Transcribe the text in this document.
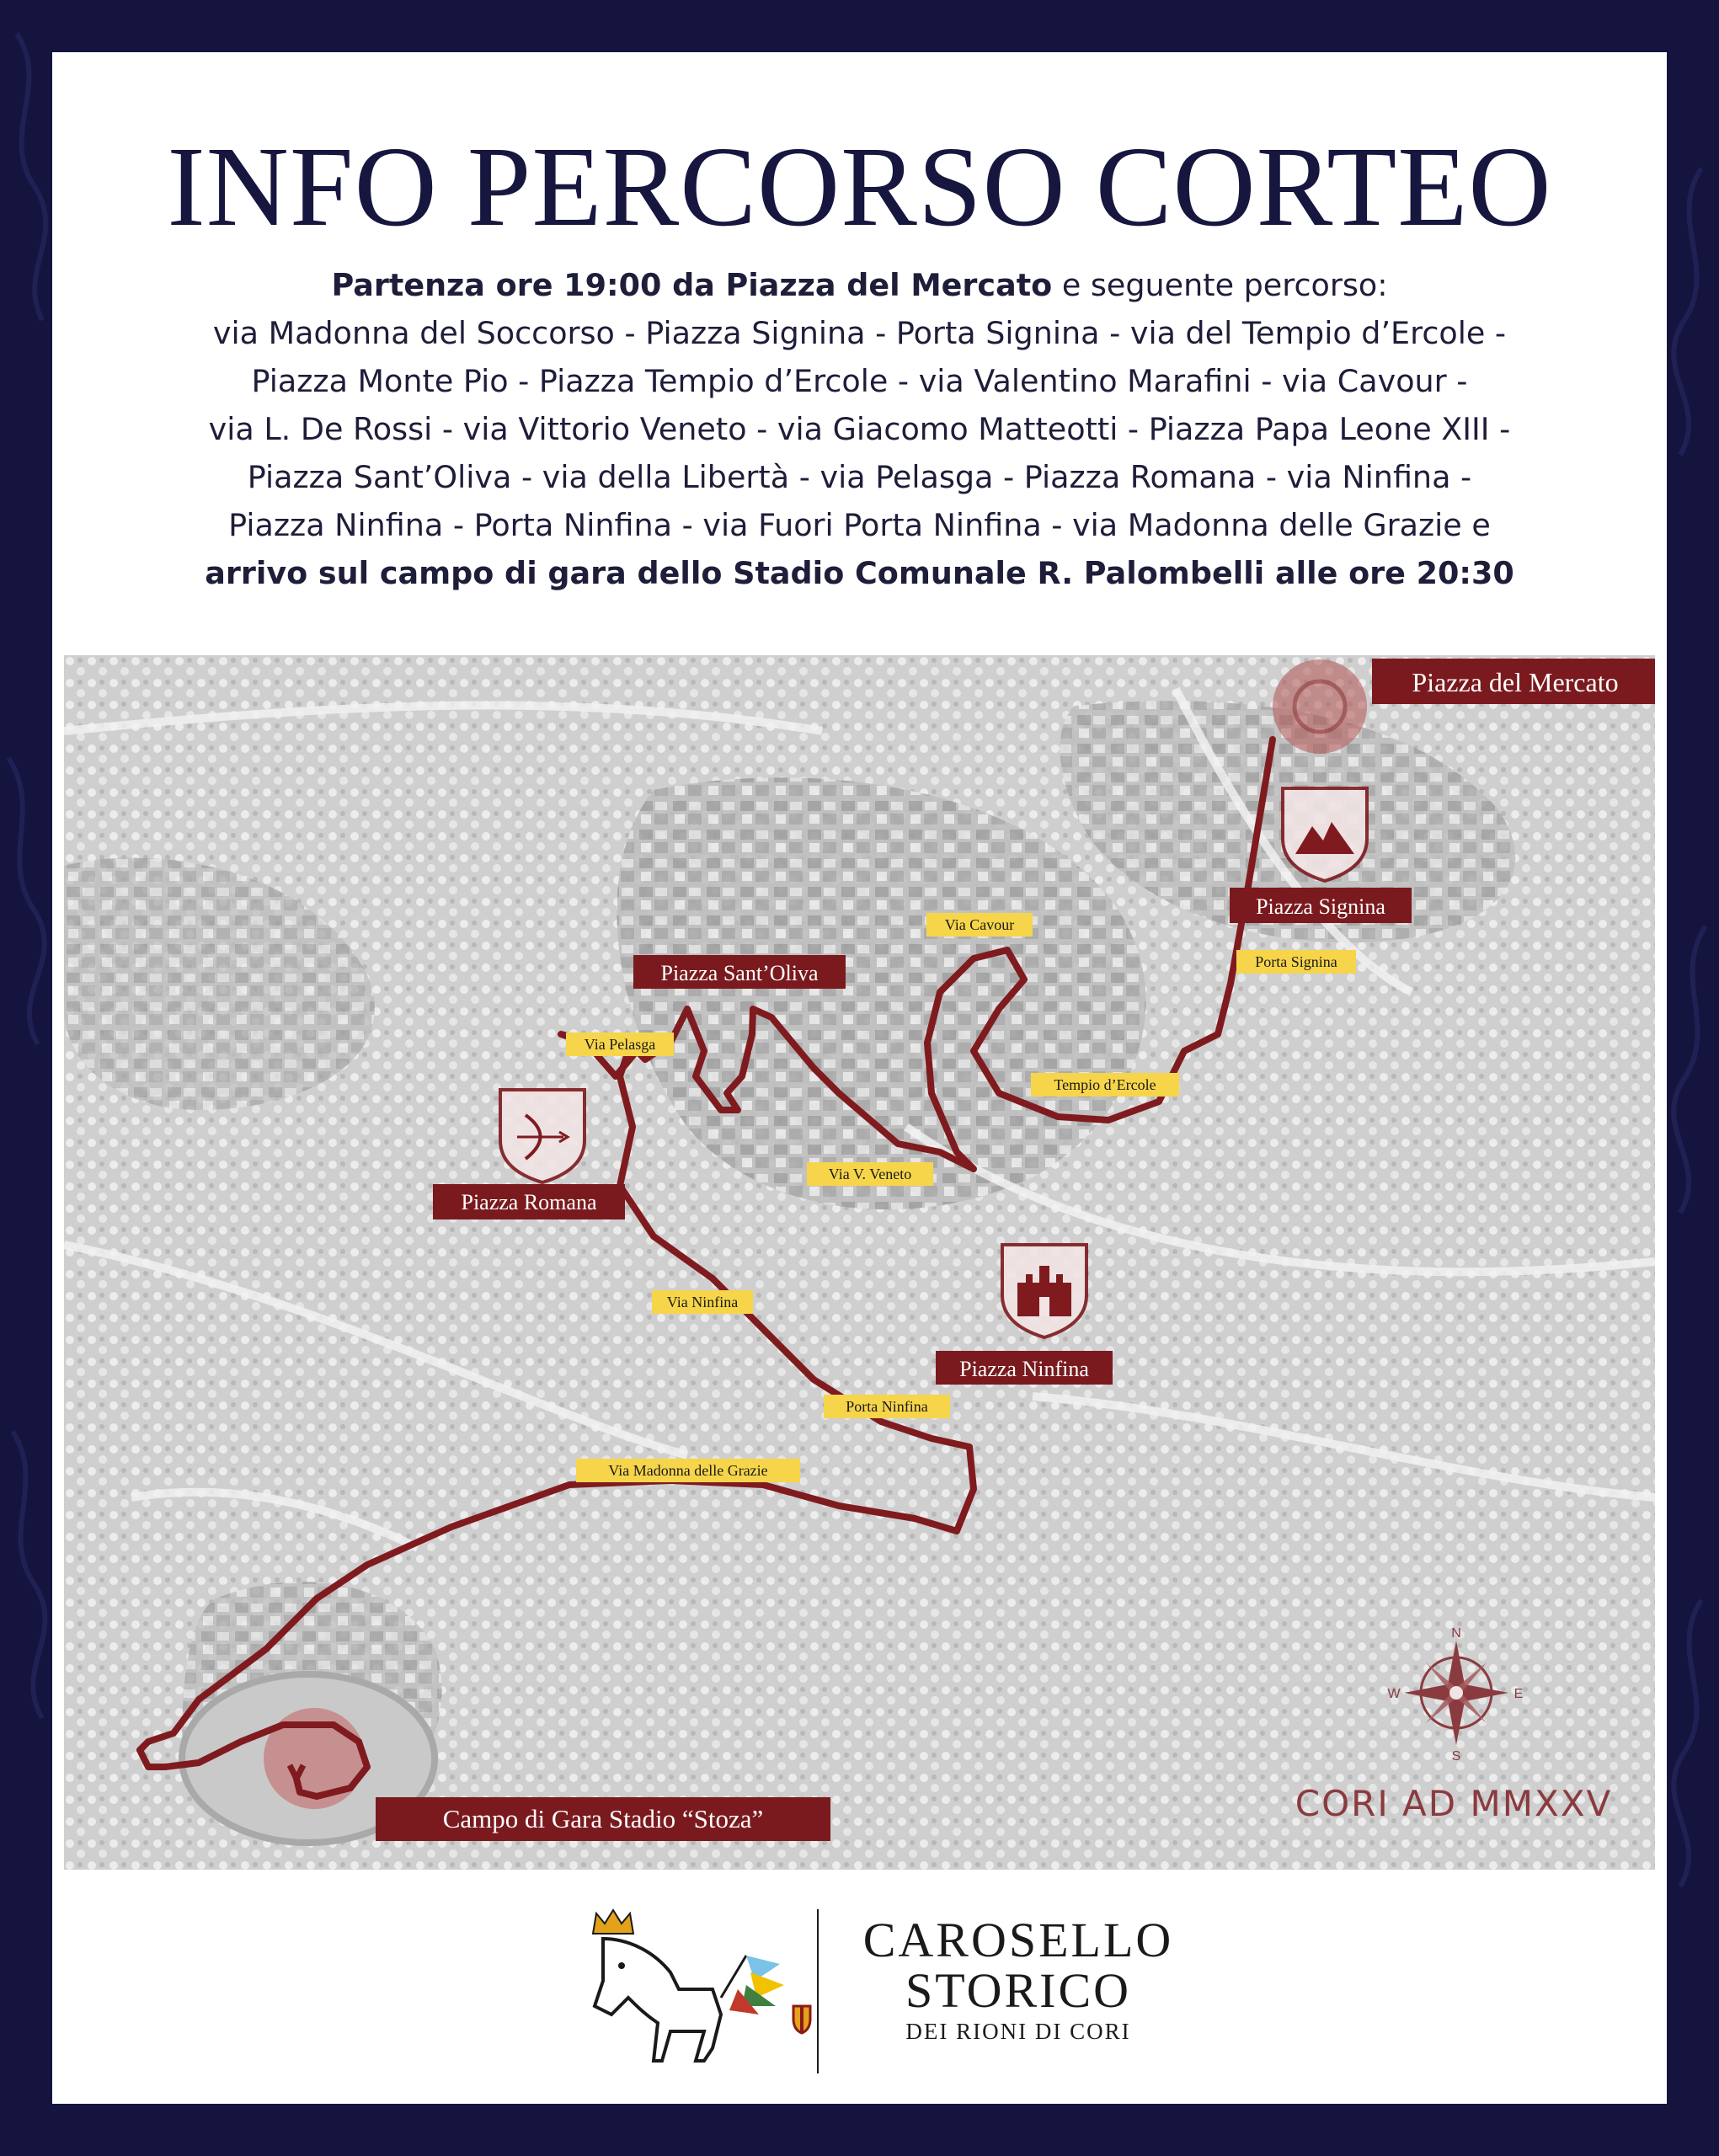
INFO PERCORSO CORTEO
Partenza ore 19:00 da Piazza del Mercato e seguente percorso:
via Madonna del Soccorso - Piazza Signina - Porta Signina - via del Tempio d’Ercole -
Piazza Monte Pio - Piazza Tempio d’Ercole - via Valentino Marafini - via Cavour -
via L. De Rossi - via Vittorio Veneto - via Giacomo Matteotti - Piazza Papa Leone XIII -
Piazza Sant’Oliva - via della Libertà - via Pelasga - Piazza Romana - via Ninfina -
Piazza Ninfina - Porta Ninfina - via Fuori Porta Ninfina - via Madonna delle Grazie e
arrivo sul campo di gara dello Stadio Comunale R. Palombelli alle ore 20:30
Piazza del Mercato
Piazza Signina
Piazza Sant’Oliva
Piazza Romana
Piazza Ninfina
Campo di Gara Stadio “Stoza”
Via Cavour
Porta Signina
Tempio d’Ercole
Via Pelasga
Via V. Veneto
Via Ninfina
Porta Ninfina
Via Madonna delle Grazie
N
S
E
W
CORI AD MMXXV
CAROSELLO
STORICO
DEI RIONI DI CORI
